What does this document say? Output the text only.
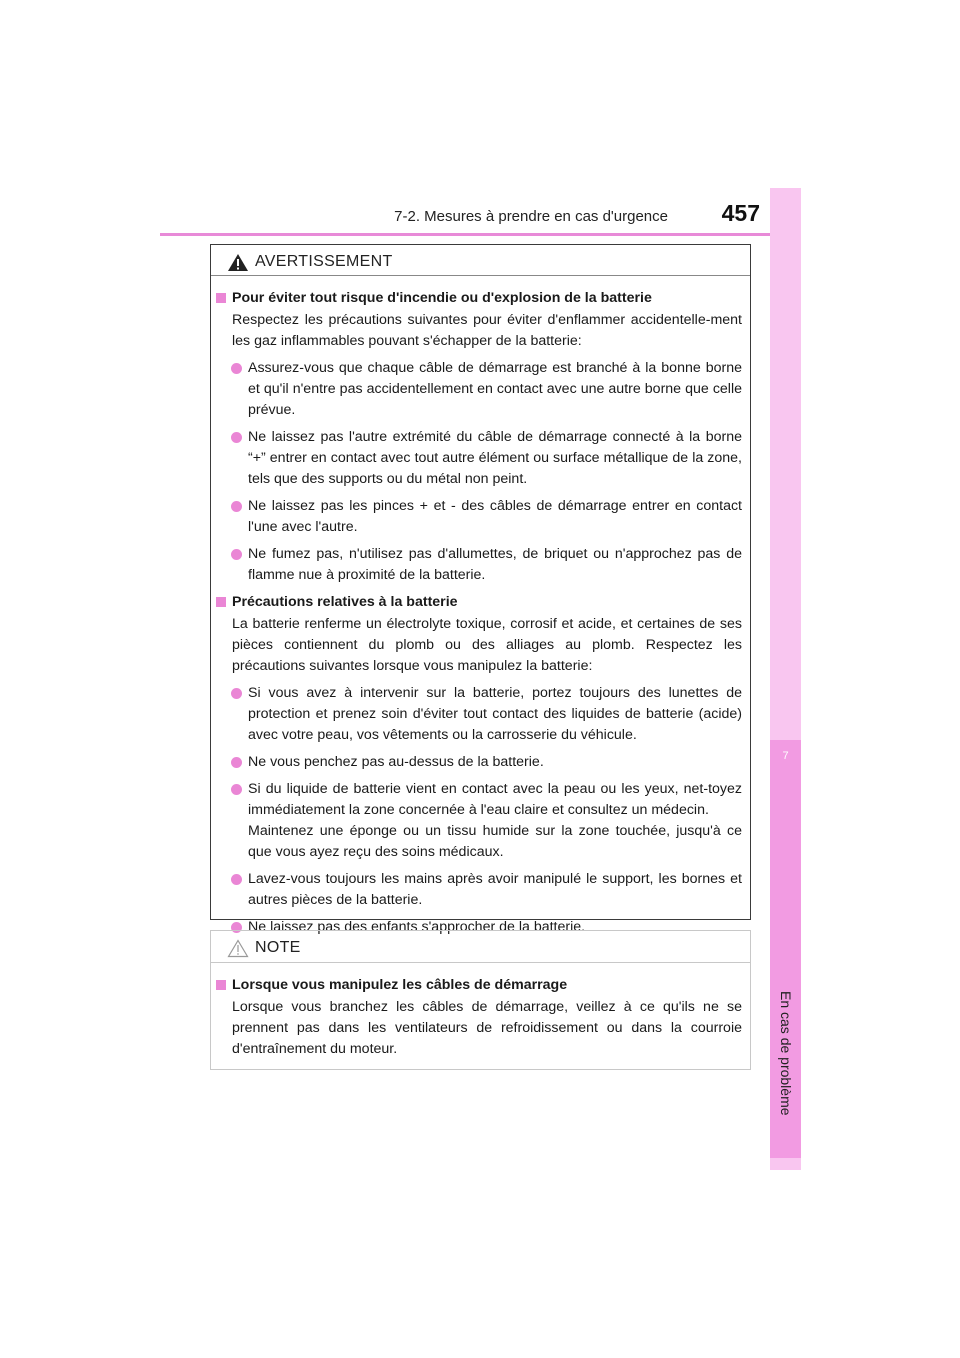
7-2. Mesures à prendre en cas d'urgence 457
7
En cas de problème
AVERTISSEMENT
Pour éviter tout risque d'incendie ou d'explosion de la batterie
Respectez les précautions suivantes pour éviter d'enflammer accidentelle-ment les gaz inflammables pouvant s'échapper de la batterie:
Assurez-vous que chaque câble de démarrage est branché à la bonne borne et qu'il n'entre pas accidentellement en contact avec une autre borne que celle prévue.
Ne laissez pas l'autre extrémité du câble de démarrage connecté à la borne “+” entrer en contact avec tout autre élément ou surface métallique de la zone, tels que des supports ou du métal non peint.
Ne laissez pas les pinces + et - des câbles de démarrage entrer en contact l'une avec l'autre.
Ne fumez pas, n'utilisez pas d'allumettes, de briquet ou n'approchez pas de flamme nue à proximité de la batterie.
Précautions relatives à la batterie
La batterie renferme un électrolyte toxique, corrosif et acide, et certaines de ses pièces contiennent du plomb ou des alliages au plomb. Respectez les précautions suivantes lorsque vous manipulez la batterie:
Si vous avez à intervenir sur la batterie, portez toujours des lunettes de protection et prenez soin d'éviter tout contact des liquides de batterie (acide) avec votre peau, vos vêtements ou la carrosserie du véhicule.
Ne vous penchez pas au-dessus de la batterie.
Si du liquide de batterie vient en contact avec la peau ou les yeux, net-toyez immédiatement la zone concernée à l'eau claire et consultez un médecin.
Maintenez une éponge ou un tissu humide sur la zone touchée, jusqu'à ce que vous ayez reçu des soins médicaux.
Lavez-vous toujours les mains après avoir manipulé le support, les bornes et autres pièces de la batterie.
Ne laissez pas des enfants s'approcher de la batterie.
NOTE
Lorsque vous manipulez les câbles de démarrage
Lorsque vous branchez les câbles de démarrage, veillez à ce qu'ils ne se prennent pas dans les ventilateurs de refroidissement ou dans la courroie d'entraînement du moteur.
